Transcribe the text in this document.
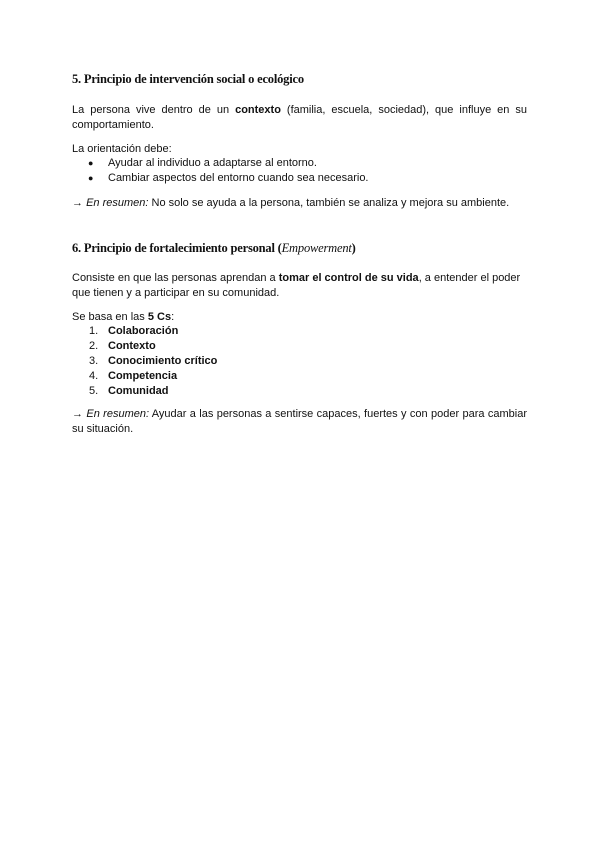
5. Principio de intervención social o ecológico

La persona vive dentro de un contexto (familia, escuela, sociedad), que influye en su comportamiento.

La orientación debe:

● Ayudar al individuo a adaptarse al entorno.
● Cambiar aspectos del entorno cuando sea necesario.

→ En resumen: No solo se ayuda a la persona, también se analiza y mejora su ambiente.

6. Principio de fortalecimiento personal (Empowerment)

Consiste en que las personas aprendan a tomar el control de su vida, a entender el poder que tienen y a participar en su comunidad.

Se basa en las 5 Cs:

1. Colaboración
2. Contexto
3. Conocimiento crítico
4. Competencia
5. Comunidad

→ En resumen: Ayudar a las personas a sentirse capaces, fuertes y con poder para cambiar su situación.
